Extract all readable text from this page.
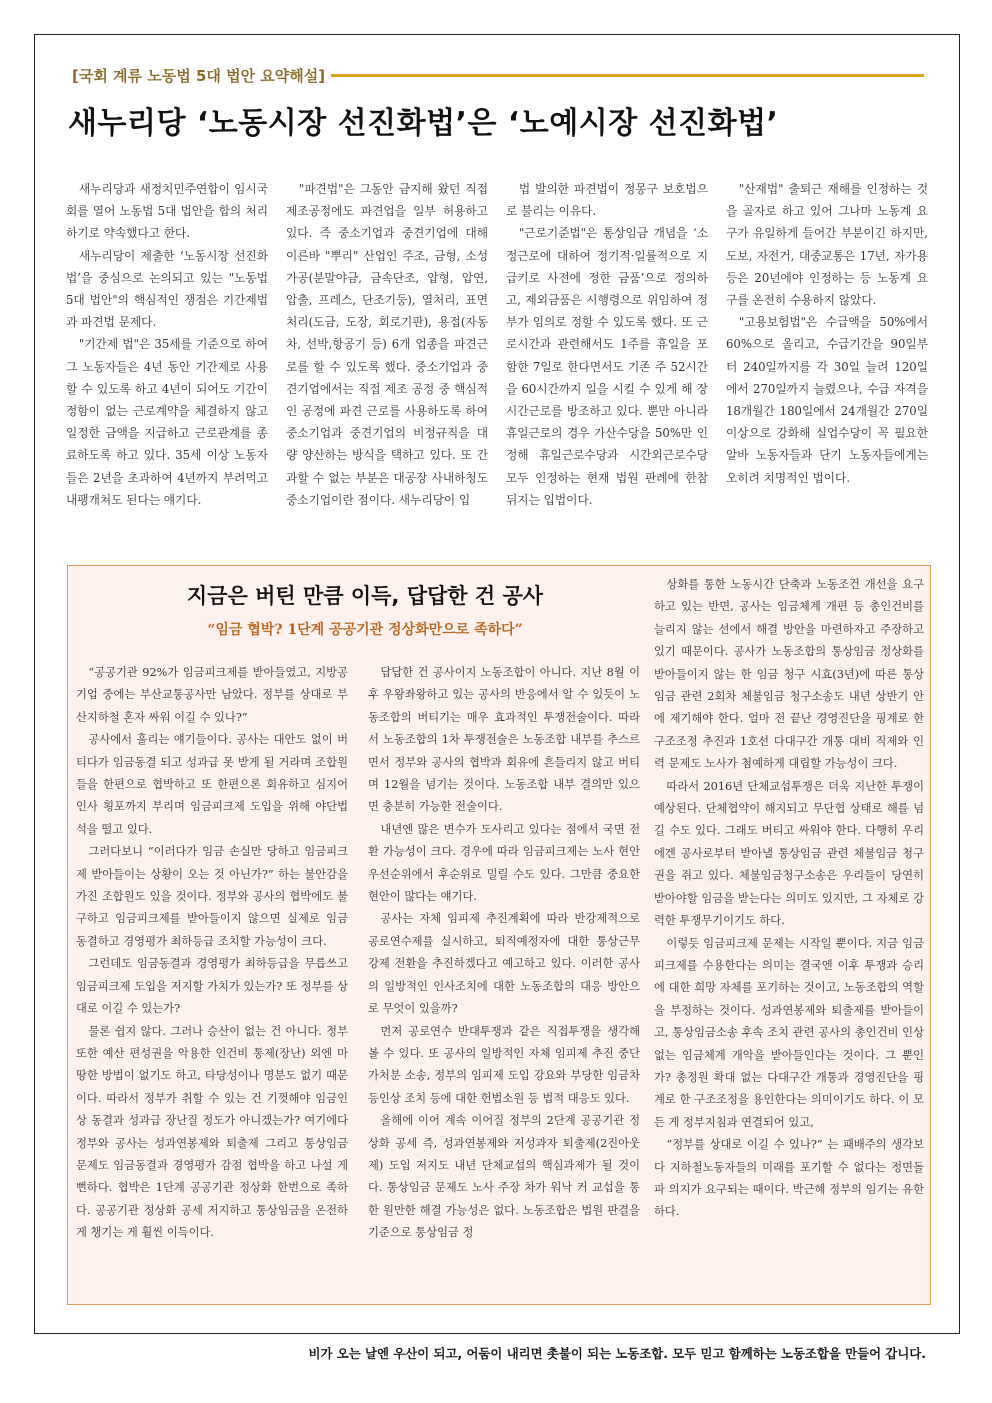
[국회 계류 노동법 5대 법안 요약해설]
새누리당 ‘노동시장 선진화법’은 ‘노예시장 선진화법’

새누리당과 새정치민주연합이 임시국회를 열어 노동법 5대 법안을 합의 처리하기로 약속했다고 한다.

새누리당이 제출한 ‘노동시장 선진화법’을 중심으로 논의되고 있는 "노동법 5대 법안"의 핵심적인 쟁점은 기간제법과 파견법 문제다.

"기간제 법"은 35세를 기준으로 하여 그 노동자들은 4년 동안 기간제로 사용할 수 있도록 하고 4년이 되어도 기간이 정함이 없는 근로계약을 체결하지 않고 일정한 금액을 지급하고 근로관계를 종료하도록 하고 있다. 35세 이상 노동자들은 2년을 초과하여 4년까지 부려먹고 내팽개쳐도 된다는 얘기다.

"파견법"은 그동안 금지해 왔던 직접 제조공정에도 파견업을 일부 허용하고 있다. 즉 중소기업과 중견기업에 대해 이른바 "뿌리" 산업인 주조, 금형, 소성가공(분말야금, 금속단조, 압형, 압연, 압출, 프레스, 단조기둥), 열처리, 표면처리(도금, 도장, 회로기판), 용접(자동차, 선박,항공기 등) 6개 업종을 파견근로를 할 수 있도록 했다. 중소기업과 중견기업에서는 직접 제조 공정 중 핵심적인 공정에 파견 근로를 사용하도록 하여 중소기업과 중견기업의 비정규직을 대량 양산하는 방식을 택하고 있다. 또 간과할 수 없는 부분은 대공장 사내하청도 중소기업이란 점이다. 새누리당이 입

법 발의한 파견법이 정몽구 보호법으로 불리는 이유다.

"근로기준법"은 통상임금 개념을 ‘소정근로에 대하여 정기적·일률적으로 지급키로 사전에 정한 금품’으로 정의하고, 제외금품은 시행령으로 위임하여 정부가 임의로 정할 수 있도록 했다. 또 근로시간과 관련해서도 1주를 휴일을 포함한 7일로 한다면서도 기존 주 52시간을 60시간까지 일을 시킬 수 있게 해 장시간근로를 방조하고 있다. 뿐만 아니라 휴일근로의 경우 가산수당을 50%만 인정해 휴일근로수당과 시간외근로수당 모두 인정하는 현재 법원 판례에 한참 뒤지는 입법이다.

"산재법" 출퇴근 재해를 인정하는 것을 골자로 하고 있어 그나마 노동계 요구가 유일하게 들어간 부분이긴 하지만, 도보, 자전거, 대중교통은 17년, 자가용 등은 20년에야 인정하는 등 노동계 요구를 온전히 수용하지 않았다.

"고용보험법"은 수급액을 50%에서 60%으로 올리고, 수급기간을 90일부터 240일까지를 각 30일 늘려 120일에서 270일까지 늘렸으나, 수급 자격을 18개월간 180일에서 24개월간 270일 이상으로 강화해 실업수당이 꼭 필요한 알바 노동자들과 단기 노동자들에게는 오히려 치명적인 법이다.

지금은 버틴 만큼 이득, 답답한 건 공사
“임금 협박? 1단계 공공기관 정상화만으로 족하다”

“공공기관 92%가 임금피크제를 받아들였고, 지방공기업 중에는 부산교통공사만 남았다. 정부를 상대로 부산지하철 혼자 싸워 이길 수 있나?”

공사에서 흘리는 얘기들이다. 공사는 대안도 없이 버티다가 임금동결 되고 성과급 못 받게 될 거라며 조합원들을 한편으로 협박하고 또 한편으론 회유하고 심지어 인사 횡포까지 부리며 임금피크제 도입을 위해 야단법석을 떨고 있다.

그러다보니 “이러다가 임금 손실만 당하고 임금피크제 받아들이는 상황이 오는 것 아닌가?” 하는 불안감을 가진 조합원도 있을 것이다. 정부와 공사의 협박에도 불구하고 임금피크제를 받아들이지 않으면 실제로 임금 동결하고 경영평가 최하등급 조치할 가능성이 크다.

그런데도 임금동결과 경영평가 최하등급을 무릅쓰고 임금피크제 도입을 저지할 가치가 있는가? 또 정부를 상대로 이길 수 있는가?

물론 쉽지 않다. 그러나 승산이 없는 건 아니다. 정부 또한 예산 편성권을 악용한 인건비 통제(장난) 외엔 마땅한 방법이 없기도 하고, 타당성이나 명분도 없기 때문이다. 따라서 정부가 취할 수 있는 건 기껏해야 임금인상 동결과 성과급 장난질 정도가 아니겠는가? 여기에다 정부와 공사는 성과연봉제와 퇴출제 그리고 통상임금 문제도 임금동결과 경영평가 감점 협박을 하고 나설 게 뻔하다. 협박은 1단계 공공기관 정상화 한번으로 족하다. 공공기관 정상화 공세 저지하고 통상임금을 온전하게 챙기는 게 훨씬 이득이다.

답답한 건 공사이지 노동조합이 아니다. 지난 8월 이후 우왕좌왕하고 있는 공사의 반응에서 알 수 있듯이 노동조합의 버티기는 매우 효과적인 투쟁전술이다. 따라서 노동조합의 1차 투쟁전술은 노동조합 내부를 추스르면서 정부와 공사의 협박과 회유에 흔들리지 않고 버티며 12월을 넘기는 것이다. 노동조합 내부 결의만 있으면 충분히 가능한 전술이다.

내년엔 많은 변수가 도사리고 있다는 점에서 국면 전환 가능성이 크다. 경우에 따라 임금피크제는 노사 현안 우선순위에서 후순위로 밀릴 수도 있다. 그만큼 중요한 현안이 많다는 얘기다.

공사는 자체 임피제 추진계획에 따라 반강제적으로 공로연수제를 실시하고, 퇴직예정자에 대한 통상근무 강제 전환을 추진하겠다고 예고하고 있다. 이러한 공사의 일방적인 인사조치에 대한 노동조합의 대응 방안으로 무엇이 있을까?

먼저 공로연수 반대투쟁과 같은 직접투쟁을 생각해 볼 수 있다. 또 공사의 일방적인 자체 임피제 추진 중단 가처분 소송, 정부의 임피제 도입 강요와 부당한 임금차등인상 조치 등에 대한 헌법소원 등 법적 대응도 있다.

올해에 이어 계속 이어질 정부의 2단계 공공기관 정상화 공세 즉, 성과연봉제와 저성과자 퇴출제(2진아웃제) 도입 저지도 내년 단체교섭의 핵심과제가 될 것이다. 통상임금 문제도 노사 주장 차가 워낙 커 교섭을 통한 원만한 해결 가능성은 없다. 노동조합은 법원 판결을 기준으로 통상임금 정

상화를 통한 노동시간 단축과 노동조건 개선을 요구하고 있는 반면, 공사는 임금체계 개편 등 총인건비를 늘리지 않는 선에서 해결 방안을 마련하자고 주장하고 있기 때문이다. 공사가 노동조합의 통상임금 정상화를 받아들이지 않는 한 임금 청구 시효(3년)에 따른 통상임금 관련 2회차 체불임금 청구소송도 내년 상반기 안에 제기해야 한다. 얼마 전 끝난 경영진단을 핑계로 한 구조조정 추진과 1호선 다대구간 개통 대비 직제와 인력 문제도 노사가 첨예하게 대립할 가능성이 크다.

따라서 2016년 단체교섭투쟁은 더욱 지난한 투쟁이 예상된다. 단체협약이 해지되고 무단협 상태로 해를 넘길 수도 있다. 그래도 버티고 싸워야 한다. 다행히 우리에겐 공사로부터 받아낼 통상임금 관련 체불임금 청구권을 쥐고 있다. 체불임금청구소송은 우리들이 당연히 받아야할 임금을 받는다는 의미도 있지만, 그 자체로 강력한 투쟁무기이기도 하다.

이렇듯 임금피크제 문제는 시작일 뿐이다. 지금 임금피크제를 수용한다는 의미는 결국엔 이후 투쟁과 승리에 대한 희망 자체를 포기하는 것이고, 노동조합의 역할을 부정하는 것이다. 성과연봉제와 퇴출제를 받아들이고, 통상임금소송 후속 조치 관련 공사의 총인건비 인상 없는 임금체계 개악을 받아들인다는 것이다. 그 뿐인가? 총정원 확대 없는 다대구간 개통과 경영진단을 핑계로 한 구조조정을 용인한다는 의미이기도 하다. 이 모든 게 정부지침과 연결되어 있고,

“정부를 상대로 이길 수 있나?” 는 패배주의 생각보다 지하철노동자들의 미래를 포기할 수 없다는 정면돌파 의지가 요구되는 때이다. 박근혜 정부의 임기는 유한하다.

비가 오는 날엔 우산이 되고, 어둠이 내리면 촛불이 되는 노동조합. 모두 믿고 함께하는 노동조합을 만들어 갑니다.
